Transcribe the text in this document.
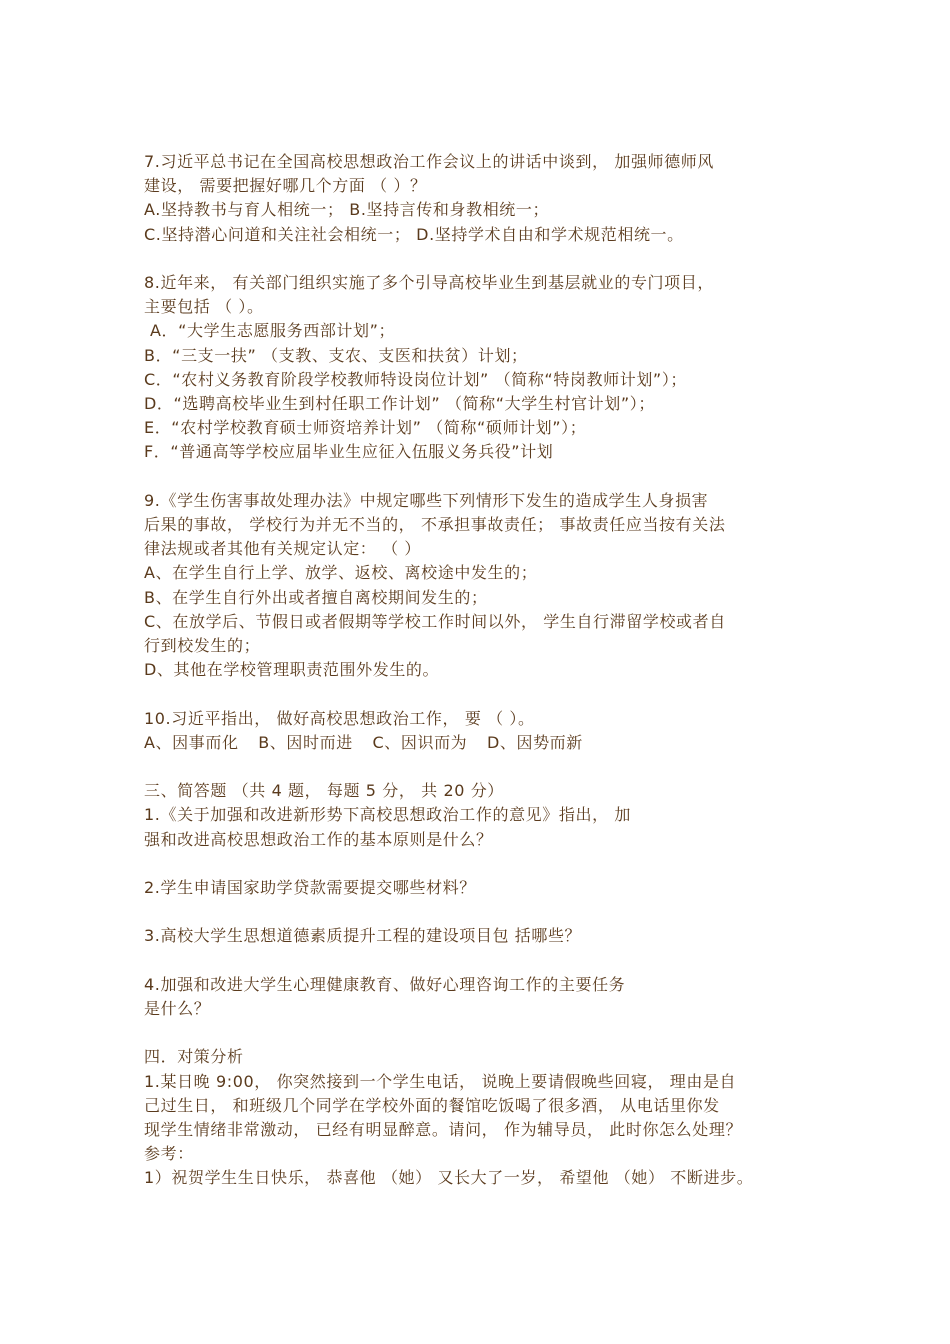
7.习近平总书记在全国高校思想政治工作会议上的讲话中谈到， 加强师德师风
建设， 需要把握好哪几个方面 （ ）？
A.坚持教书与育人相统一； B.坚持言传和身教相统一；
C.坚持潜心问道和关注社会相统一； D.坚持学术自由和学术规范相统一。
8.近年来， 有关部门组织实施了多个引导高校毕业生到基层就业的专门项目，
主要包括 （ ）。
A．“大学生志愿服务西部计划”；
B．“三支一扶” （支教、支农、支医和扶贫）计划；
C．“农村义务教育阶段学校教师特设岗位计划” （简称“特岗教师计划”）；
D．“选聘高校毕业生到村任职工作计划” （简称“大学生村官计划”）；
E．“农村学校教育硕士师资培养计划” （简称“硕师计划”）；
F．“普通高等学校应届毕业生应征入伍服义务兵役”计划
9.《学生伤害事故处理办法》中规定哪些下列情形下发生的造成学生人身损害
后果的事故， 学校行为并无不当的， 不承担事故责任； 事故责任应当按有关法
律法规或者其他有关规定认定： （ ）
A、在学生自行上学、放学、返校、离校途中发生的；
B、在学生自行外出或者擅自离校期间发生的；
C、在放学后、节假日或者假期等学校工作时间以外， 学生自行滞留学校或者自
行到校发生的；
D、其他在学校管理职责范围外发生的。
10.习近平指出， 做好高校思想政治工作， 要 （ ）。
A、因事而化 B、因时而进 C、因识而为 D、因势而新
三、简答题 （共 4 题， 每题 5 分， 共 20 分）
1.《关于加强和改进新形势下高校思想政治工作的意见》指出， 加
强和改进高校思想政治工作的基本原则是什么？
2.学生申请国家助学贷款需要提交哪些材料？
3.高校大学生思想道德素质提升工程的建设项目包 括哪些？
4.加强和改进大学生心理健康教育、做好心理咨询工作的主要任务
是什么？
四．对策分析
1.某日晚 9:00， 你突然接到一个学生电话， 说晚上要请假晚些回寝， 理由是自
己过生日， 和班级几个同学在学校外面的餐馆吃饭喝了很多酒， 从电话里你发
现学生情绪非常激动， 已经有明显醉意。请问， 作为辅导员， 此时你怎么处理？
参考：
1）祝贺学生生日快乐， 恭喜他 （她） 又长大了一岁， 希望他 （她） 不断进步。
